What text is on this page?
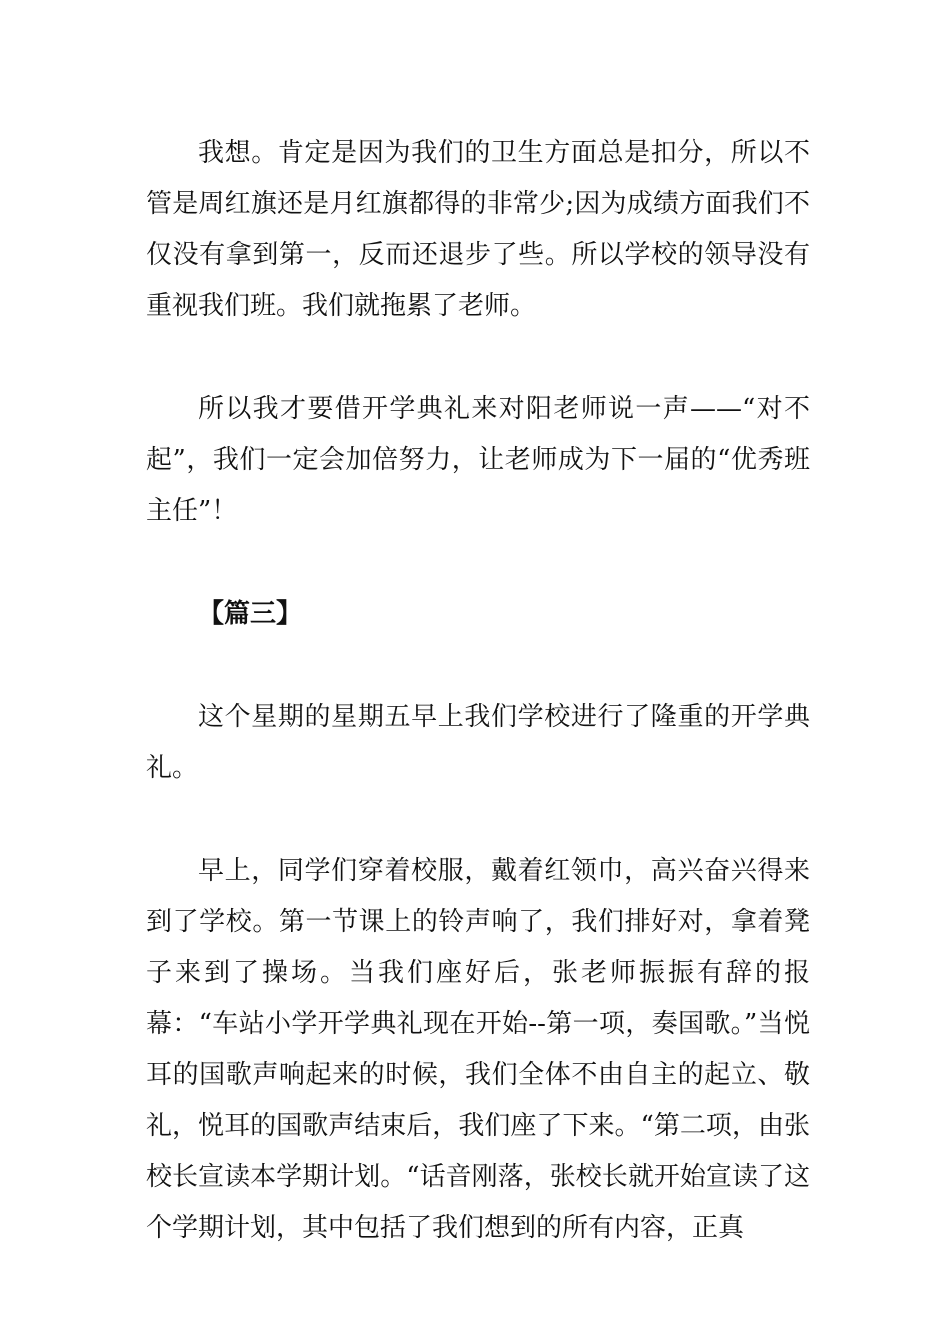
我想。肯定是因为我们的卫生方面总是扣分，所以不管是周红旗还是月红旗都得的非常少;因为成绩方面我们不仅没有拿到第一，反而还退步了些。所以学校的领导没有重视我们班。我们就拖累了老师。

所以我才要借开学典礼来对阳老师说一声——“对不起”，我们一定会加倍努力，让老师成为下一届的“优秀班主任”！

【篇三】

这个星期的星期五早上我们学校进行了隆重的开学典礼。

早上，同学们穿着校服，戴着红领巾，高兴奋兴得来到了学校。第一节课上的铃声响了，我们排好对，拿着凳子来到了操场。当我们座好后，张老师振振有辞的报幕：“车站小学开学典礼现在开始--第一项，奏国歌。”当悦耳的国歌声响起来的时候，我们全体不由自主的起立、敬礼，悦耳的国歌声结束后，我们座了下来。“第二项，由张校长宣读本学期计划。“话音刚落，张校长就开始宣读了这个学期计划，其中包括了我们想到的所有内容，正真
